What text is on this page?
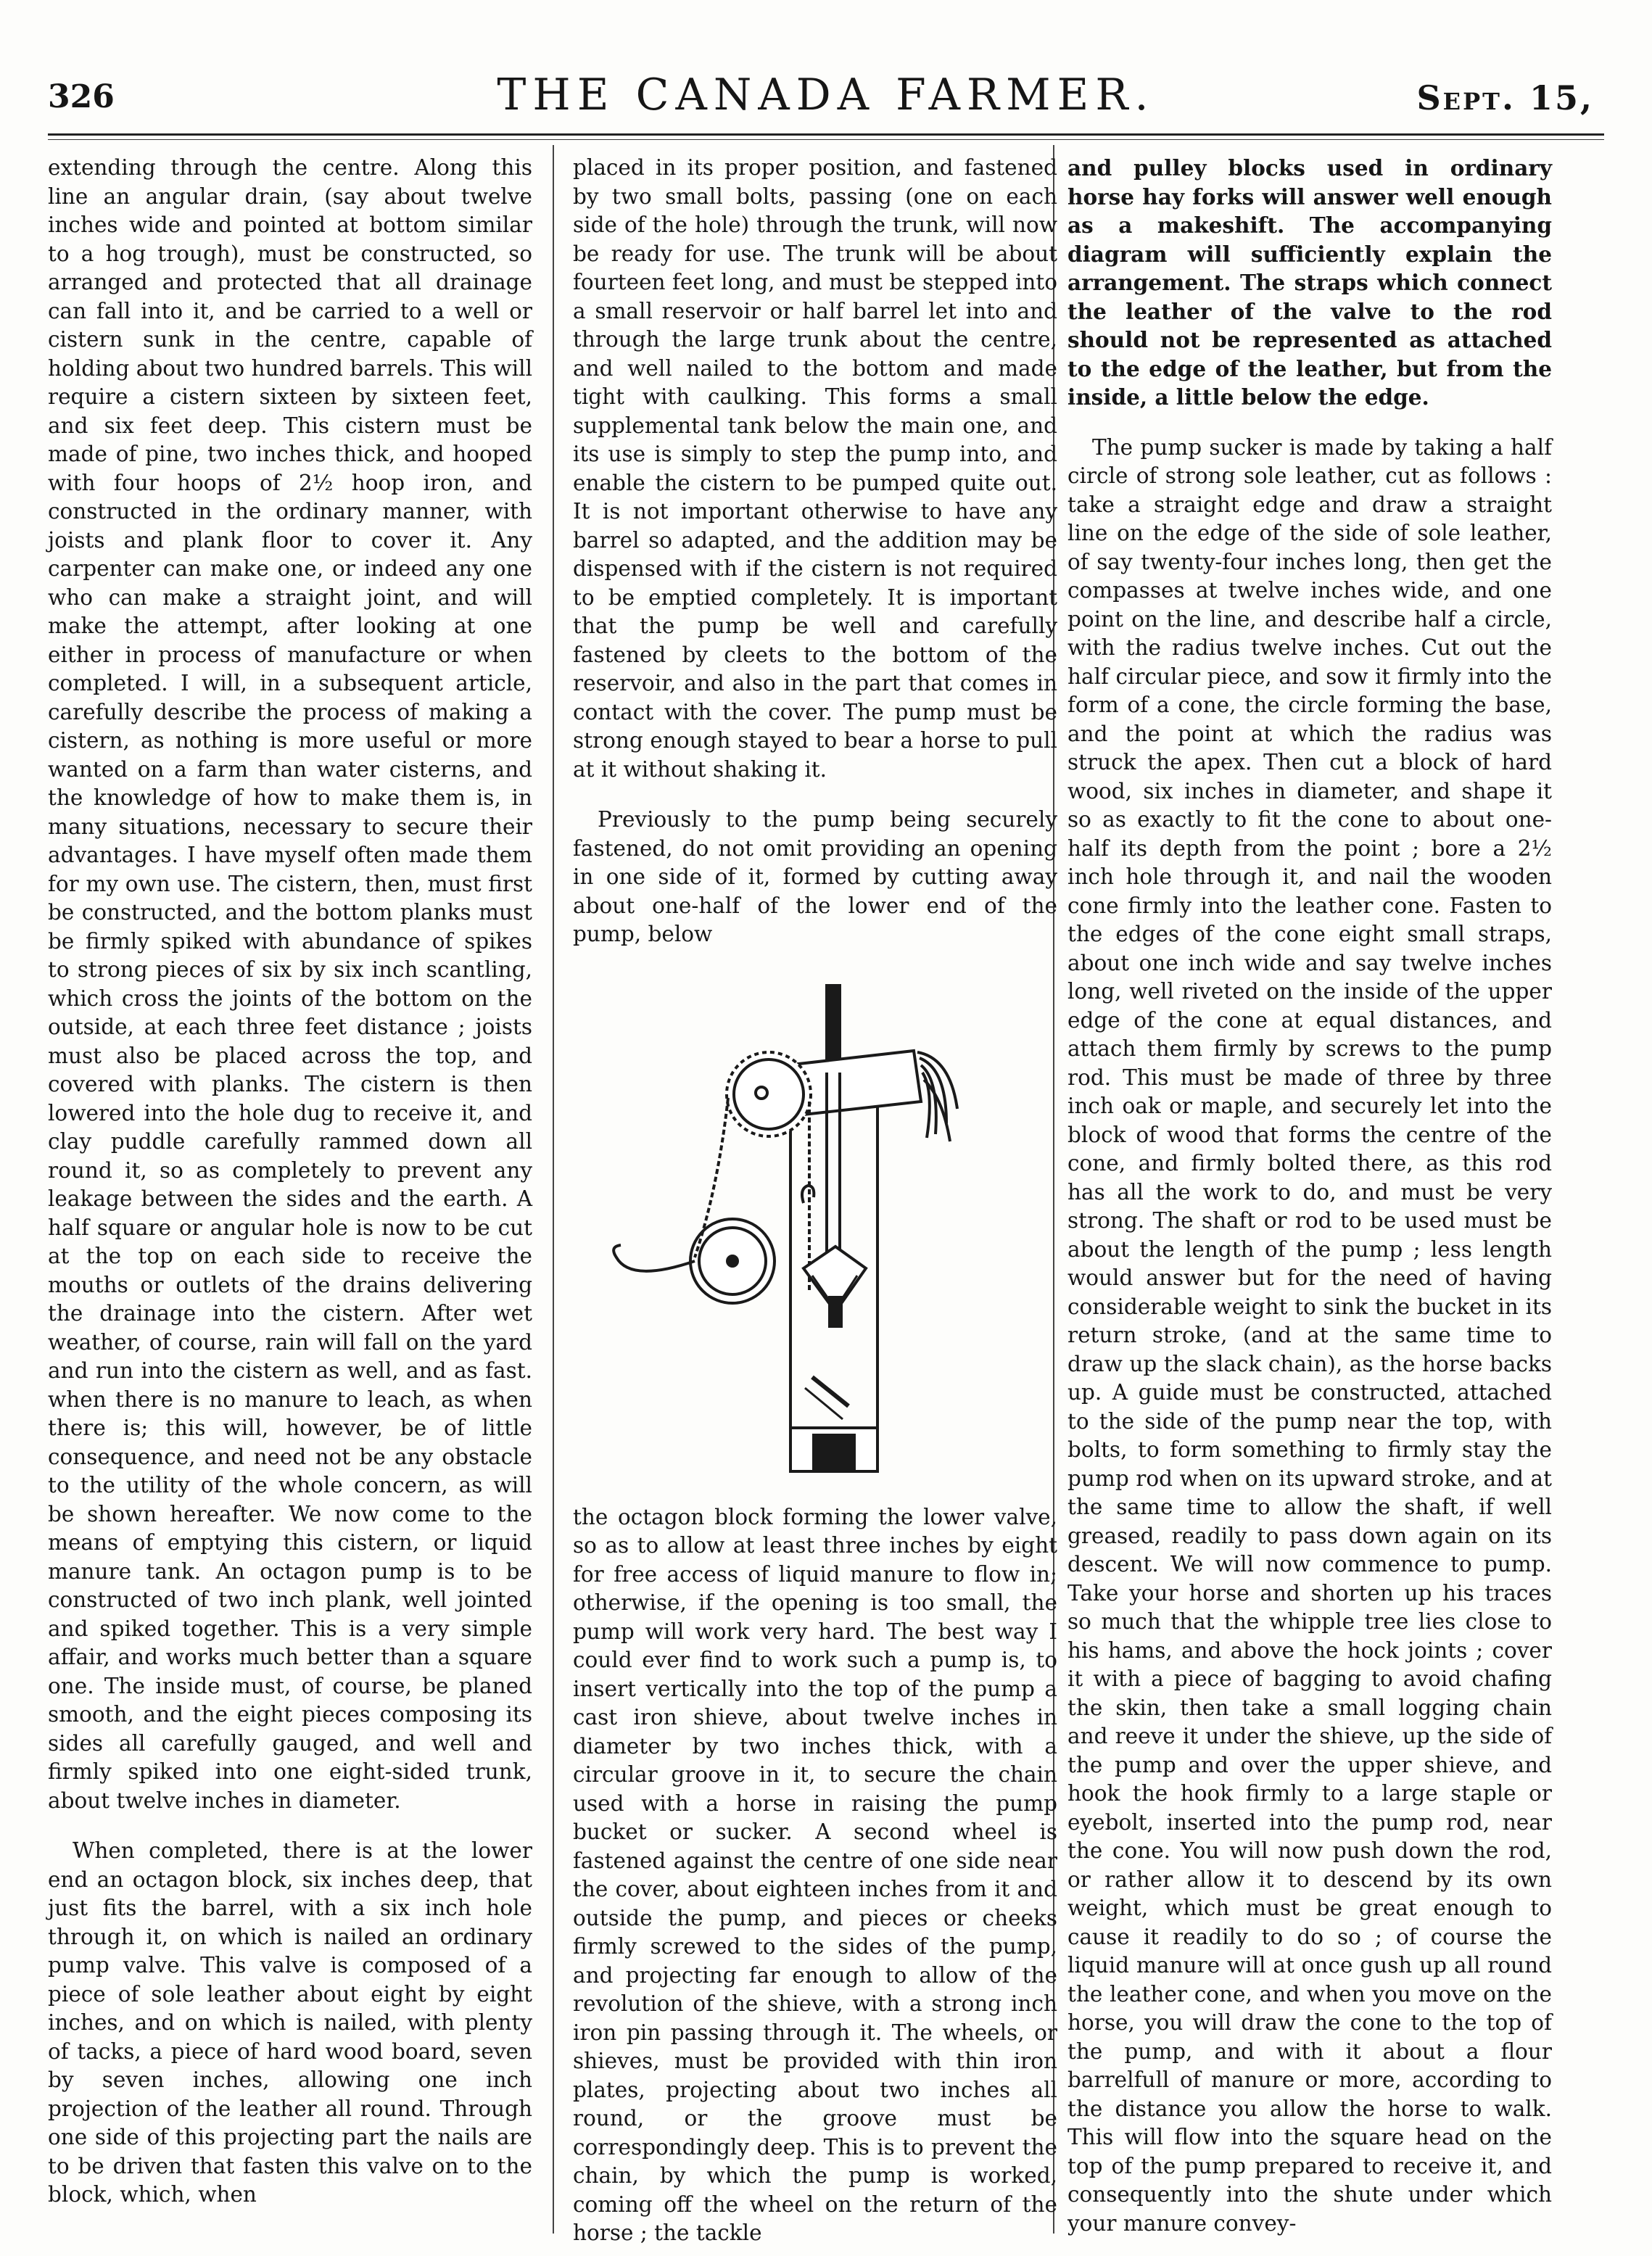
326	THE CANADA FARMER.	Sept. 15,

extending through the centre. Along this line an angular drain, (say about twelve inches wide and pointed at bottom similar to a hog trough), must be constructed, so arranged and protected that all drainage can fall into it, and be carried to a well or cistern sunk in the centre, capable of holding about two hundred barrels. This will require a cistern sixteen by sixteen feet, and six feet deep. This cistern must be made of pine, two inches thick, and hooped with four hoops of 2½ hoop iron, and constructed in the ordinary manner, with joists and plank floor to cover it. Any carpenter can make one, or indeed any one who can make a straight joint, and will make the attempt, after looking at one either in process of manufacture or when completed. I will, in a subsequent article, carefully describe the process of making a cistern, as nothing is more useful or more wanted on a farm than water cisterns, and the knowledge of how to make them is, in many situations, necessary to secure their advantages. I have myself often made them for my own use. The cistern, then, must first be constructed, and the bottom planks must be firmly spiked with abundance of spikes to strong pieces of six by six inch scantling, which cross the joints of the bottom on the outside, at each three feet distance ; joists must also be placed across the top, and covered with planks. The cistern is then lowered into the hole dug to receive it, and clay puddle carefully rammed down all round it, so as completely to prevent any leakage between the sides and the earth. A half square or angular hole is now to be cut at the top on each side to receive the mouths or outlets of the drains delivering the drainage into the cistern. After wet weather, of course, rain will fall on the yard and run into the cistern as well, and as fast. when there is no manure to leach, as when there is; this will, however, be of little consequence, and need not be any obstacle to the utility of the whole concern, as will be shown hereafter. We now come to the means of emptying this cistern, or liquid manure tank. An octagon pump is to be constructed of two inch plank, well jointed and spiked together. This is a very simple affair, and works much better than a square one. The inside must, of course, be planed smooth, and the eight pieces composing its sides all carefully gauged, and well and firmly spiked into one eight-sided trunk, about twelve inches in diameter.

When completed, there is at the lower end an octagon block, six inches deep, that just fits the barrel, with a six inch hole through it, on which is nailed an ordinary pump valve. This valve is composed of a piece of sole leather about eight by eight inches, and on which is nailed, with plenty of tacks, a piece of hard wood board, seven by seven inches, allowing one inch projection of the leather all round. Through one side of this projecting part the nails are to be driven that fasten this valve on to the block, which, when

placed in its proper position, and fastened by two small bolts, passing (one on each side of the hole) through the trunk, will now be ready for use. The trunk will be about fourteen feet long, and must be stepped into a small reservoir or half barrel let into and through the large trunk about the centre, and well nailed to the bottom and made tight with caulking. This forms a small supplemental tank below the main one, and its use is simply to step the pump into, and enable the cistern to be pumped quite out. It is not important otherwise to have any barrel so adapted, and the addition may be dispensed with if the cistern is not required to be emptied completely. It is important that the pump be well and carefully fastened by cleets to the bottom of the reservoir, and also in the part that comes in contact with the cover. The pump must be strong enough stayed to bear a horse to pull at it without shaking it.

Previously to the pump being securely fastened, do not omit providing an opening in one side of it, formed by cutting away about one-half of the lower end of the pump, below

the octagon block forming the lower valve, so as to allow at least three inches by eight for free access of liquid manure to flow in; otherwise, if the opening is too small, the pump will work very hard. The best way I could ever find to work such a pump is, to insert vertically into the top of the pump a cast iron shieve, about twelve inches in diameter by two inches thick, with a circular groove in it, to secure the chain used with a horse in raising the pump bucket or sucker. A second wheel is fastened against the centre of one side near the cover, about eighteen inches from it and outside the pump, and pieces or cheeks firmly screwed to the sides of the pump, and projecting far enough to allow of the revolution of the shieve, with a strong inch iron pin passing through it. The wheels, or shieves, must be provided with thin iron plates, projecting about two inches all round, or the groove must be correspondingly deep. This is to prevent the chain, by which the pump is worked, coming off the wheel on the return of the horse ; the tackle

and pulley blocks used in ordinary horse hay forks will answer well enough as a makeshift. The accompanying diagram will sufficiently explain the arrangement. The straps which connect the leather of the valve to the rod should not be represented as attached to the edge of the leather, but from the inside, a little below the edge.

The pump sucker is made by taking a half circle of strong sole leather, cut as follows : take a straight edge and draw a straight line on the edge of the side of sole leather, of say twenty-four inches long, then get the compasses at twelve inches wide, and one point on the line, and describe half a circle, with the radius twelve inches. Cut out the half circular piece, and sow it firmly into the form of a cone, the circle forming the base, and the point at which the radius was struck the apex. Then cut a block of hard wood, six inches in diameter, and shape it so as exactly to fit the cone to about one-half its depth from the point ; bore a 2½ inch hole through it, and nail the wooden cone firmly into the leather cone. Fasten to the edges of the cone eight small straps, about one inch wide and say twelve inches long, well riveted on the inside of the upper edge of the cone at equal distances, and attach them firmly by screws to the pump rod. This must be made of three by three inch oak or maple, and securely let into the block of wood that forms the centre of the cone, and firmly bolted there, as this rod has all the work to do, and must be very strong. The shaft or rod to be used must be about the length of the pump ; less length would answer but for the need of having considerable weight to sink the bucket in its return stroke, (and at the same time to draw up the slack chain), as the horse backs up. A guide must be constructed, attached to the side of the pump near the top, with bolts, to form something to firmly stay the pump rod when on its upward stroke, and at the same time to allow the shaft, if well greased, readily to pass down again on its descent. We will now commence to pump. Take your horse and shorten up his traces so much that the whipple tree lies close to his hams, and above the hock joints ; cover it with a piece of bagging to avoid chafing the skin, then take a small logging chain and reeve it under the shieve, up the side of the pump and over the upper shieve, and hook the hook firmly to a large staple or eyebolt, inserted into the pump rod, near the cone. You will now push down the rod, or rather allow it to descend by its own weight, which must be great enough to cause it readily to do so ; of course the liquid manure will at once gush up all round the leather cone, and when you move on the horse, you will draw the cone to the top of the pump, and with it about a flour barrelfull of manure or more, according to the distance you allow the horse to walk. This will flow into the square head on the top of the pump prepared to receive it, and consequently into the shute under which your manure convey-
